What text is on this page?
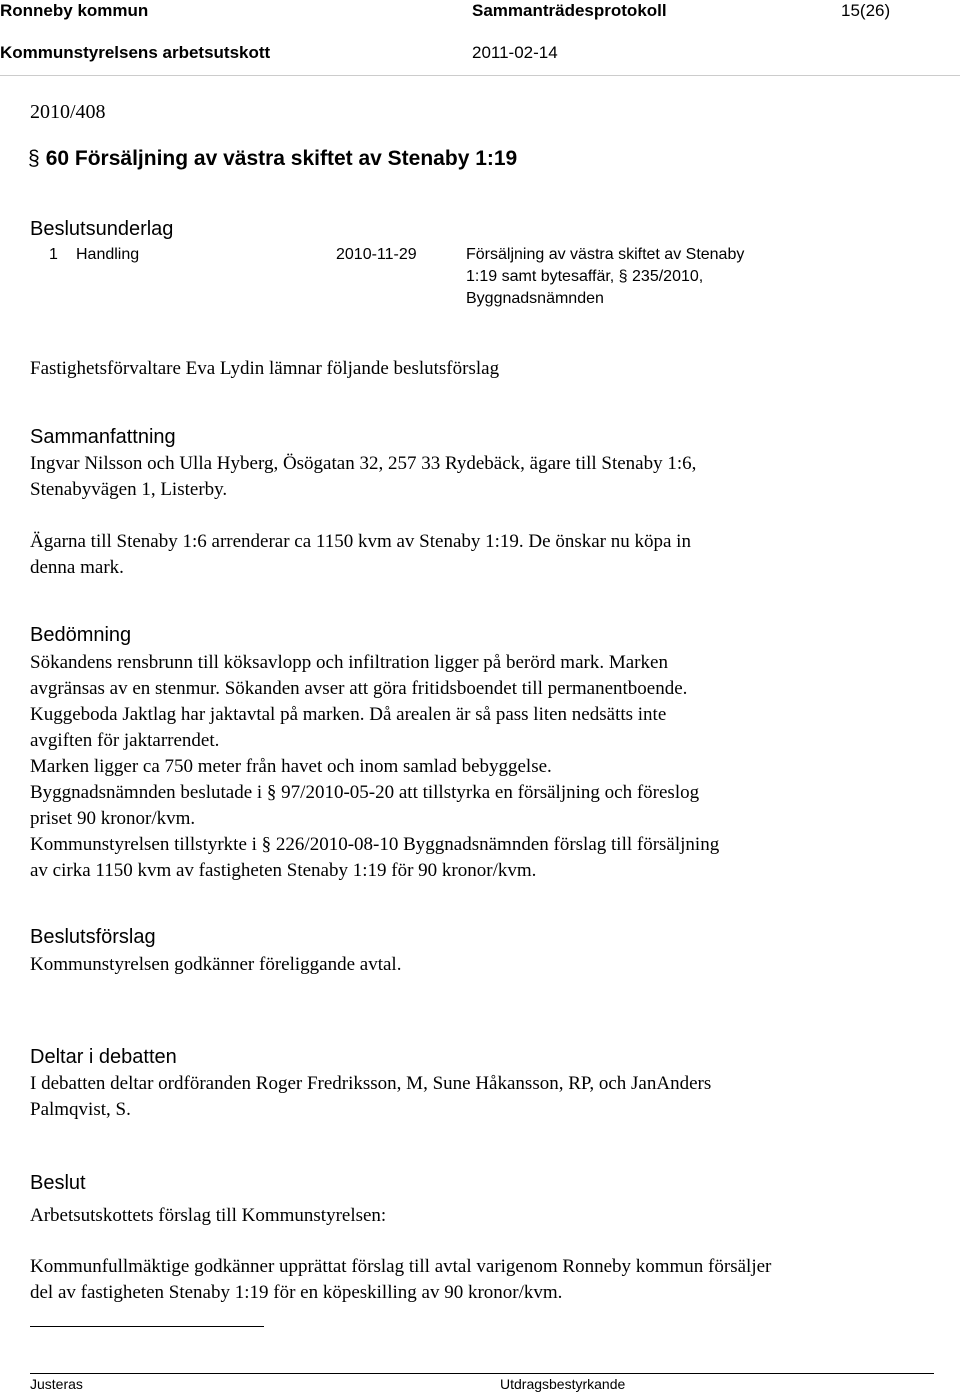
Ronneby kommun	Sammanträdesprotokoll	15(26)
Kommunstyrelsens arbetsutskott	2011-02-14
2010/408
§ 60 Försäljning av västra skiftet av Stenaby 1:19
Beslutsunderlag
1 Handling	2010-11-29	Försäljning av västra skiftet av Stenaby
1:19 samt bytesaffär, § 235/2010,
Byggnadsnämnden
Fastighetsförvaltare Eva Lydin lämnar följande beslutsförslag
Sammanfattning

Ingvar Nilsson och Ulla Hyberg, Ösögatan 32, 257 33 Rydebäck, ägare till Stenaby 1:6,

Stenabyvägen 1, Listerby.

Ägarna till Stenaby 1:6 arrenderar ca 1150 kvm av Stenaby 1:19. De önskar nu köpa in

denna mark.

Bedömning

Sökandens rensbrunn till köksavlopp och infiltration ligger på berörd mark. Marken

avgränsas av en stenmur. Sökanden avser att göra fritidsboendet till permanentboende.

Kuggeboda Jaktlag har jaktavtal på marken. Då arealen är så pass liten nedsätts inte

avgiften för jaktarrendet.

Marken ligger ca 750 meter från havet och inom samlad bebyggelse.

Byggnadsnämnden beslutade i § 97/2010-05-20 att tillstyrka en försäljning och föreslog

priset 90 kronor/kvm.

Kommunstyrelsen tillstyrkte i § 226/2010-08-10 Byggnadsnämnden förslag till försäljning

av cirka 1150 kvm av fastigheten Stenaby 1:19 för 90 kronor/kvm.

Beslutsförslag
Kommunstyrelsen godkänner föreliggande avtal.
Deltar i debatten

I debatten deltar ordföranden Roger Fredriksson, M, Sune Håkansson, RP, och JanAnders

Palmqvist, S.

Beslut
Arbetsutskottets förslag till Kommunstyrelsen:

Kommunfullmäktige godkänner upprättat förslag till avtal varigenom Ronneby kommun försäljer

del av fastigheten Stenaby 1:19 för en köpeskilling av 90 kronor/kvm.

Justeras	Utdragsbestyrkande
